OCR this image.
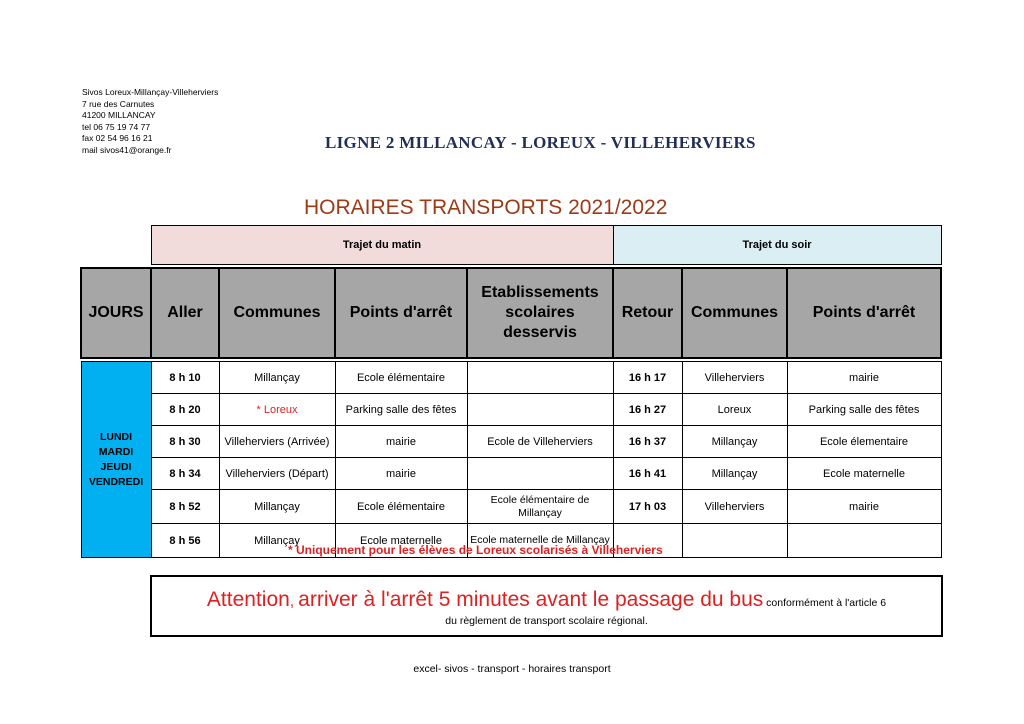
Sivos Loreux-Millançay-Villeherviers
7 rue des Carnutes
41200 MILLANCAY
tel 06 75 19 74 77
fax 02 54 96 16 21
mail sivos41@orange.fr	LIGNE 2 MILLANCAY - LOREUX - VILLEHERVIERS
HORAIRES TRANSPORTS 2021/2022
	Trajet du matin				Trajet du soir		

JOURS	Aller	Communes	Points d'arrêt	Etablissements
scolaires
desservis	Retour	Communes	Points d'arrêt

LUNDI
MARDI
JEUDI
VENDREDI	8 h 10	Millançay	Ecole élémentaire		16 h 17	Villeherviers	mairie
	8 h 20	* Loreux	Parking salle des fêtes		16 h 27	Loreux	Parking salle des fêtes
	8 h 30	Villeherviers (Arrivée)	mairie	Ecole de Villeherviers	16 h 37	Millançay	Ecole élementaire
	8 h 34	Villeherviers (Départ)	mairie		16 h 41	Millançay	Ecole maternelle
	8 h 52	Millançay	Ecole élémentaire	Ecole élémentaire de Millançay	17 h 03	Villeherviers	mairie
	8 h 56	Millançay	Ecole maternelle	Ecole maternelle de Millançay			
* Uniquement pour les élèves de Loreux scolarisés à Villeherviers
Attention, arriver à l'arrêt 5 minutes avant le passage du bus conformément à l'article 6
du règlement de transport scolaire régional.
excel- sivos - transport - horaires transport
